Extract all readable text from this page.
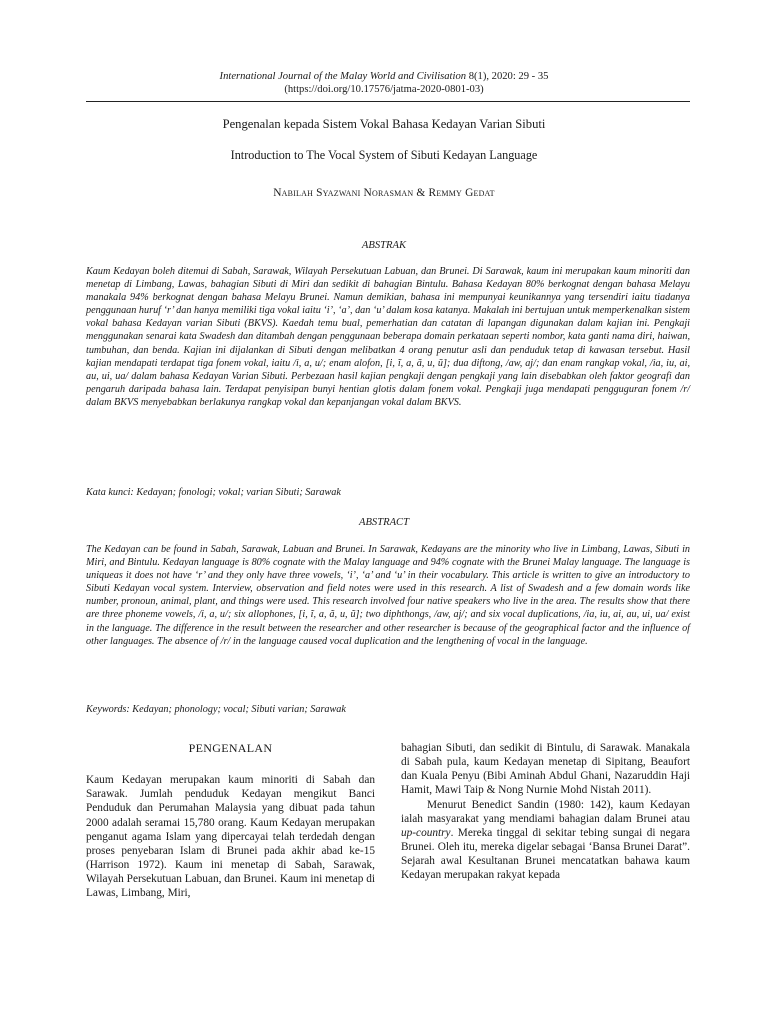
International Journal of the Malay World and Civilisation 8(1), 2020: 29 - 35
(https://doi.org/10.17576/jatma-2020-0801-03)
Pengenalan kepada Sistem Vokal Bahasa Kedayan Varian Sibuti
Introduction to The Vocal System of Sibuti Kedayan Language
Nabilah Syazwani Norasman & Remmy Gedat
ABSTRAK

Kaum Kedayan boleh ditemui di Sabah, Sarawak, Wilayah Persekutuan Labuan, dan Brunei. Di Sarawak, kaum ini merupakan kaum minoriti dan menetap di Limbang, Lawas, bahagian Sibuti di Miri dan sedikit di bahagian Bintulu. Bahasa Kedayan 80% berkognat dengan bahasa Melayu manakala 94% berkognat dengan bahasa Melayu Brunei. Namun demikian, bahasa ini mempunyai keunikannya yang tersendiri iaitu tiadanya penggunaan huruf ‘r’ dan hanya memiliki tiga vokal iaitu ‘i’, ‘a’, dan ‘u’ dalam kosa katanya. Makalah ini bertujuan untuk memperkenalkan sistem vokal bahasa Kedayan varian Sibuti (BKVS). Kaedah temu bual, pemerhatian dan catatan di lapangan digunakan dalam kajian ini. Pengkaji menggunakan senarai kata Swadesh dan ditambah dengan penggunaan beberapa domain perkataan seperti nombor, kata ganti nama diri, haiwan, tumbuhan, dan benda. Kajian ini dijalankan di Sibuti dengan melibatkan 4 orang penutur asli dan penduduk tetap di kawasan tersebut. Hasil kajian mendapati terdapat tiga fonem vokal, iaitu /i, a, u/; enam alofon, [i, ĩ, a, ã, u, ũ]; dua diftong, /aw, aj/; dan enam rangkap vokal, /ia, iu, ai, au, ui, ua/ dalam bahasa Kedayan Varian Sibuti. Perbezaan hasil kajian pengkaji dengan pengkaji yang lain disebabkan oleh faktor geografi dan pengaruh daripada bahasa lain. Terdapat penyisipan bunyi hentian glotis dalam fonem vokal. Pengkaji juga mendapati pengguguran fonem /r/ dalam BKVS menyebabkan berlakunya rangkap vokal dan kepanjangan vokal dalam BKVS.

Kata kunci: Kedayan; fonologi; vokal; varian Sibuti; Sarawak

ABSTRACT

The Kedayan can be found in Sabah, Sarawak, Labuan and Brunei. In Sarawak, Kedayans are the minority who live in Limbang, Lawas, Sibuti in Miri, and Bintulu. Kedayan language is 80% cognate with the Malay language and 94% cognate with the Brunei Malay language. The language is uniqueas it does not have ‘r’ and they only have three vowels, ‘i’, ‘a’ and ‘u’ in their vocabulary. This article is written to give an introductory to Sibuti Kedayan vocal system. Interview, observation and field notes were used in this research. A list of Swadesh and a few domain words like number, pronoun, animal, plant, and things were used. This research involved four native speakers who live in the area. The results show that there are three phoneme vowels, /i, a, u/; six allophones, [i, ĩ, a, ã, u, ũ]; two diphthongs, /aw, aj/; and six vocal duplications, /ia, iu, ai, au, ui, ua/ exist in the language. The difference in the result between the researcher and other researcher is because of the geographical factor and the influence of other languages. The absence of /r/ in the language caused vocal duplication and the lengthening of vocal in the language.

Keywords: Kedayan; phonology; vocal; Sibuti varian; Sarawak

PENGENALAN

Kaum Kedayan merupakan kaum minoriti di Sabah dan Sarawak. Jumlah penduduk Kedayan mengikut Banci Penduduk dan Perumahan Malaysia yang dibuat pada tahun 2000 adalah seramai 15,780 orang. Kaum Kedayan merupakan penganut agama Islam yang dipercayai telah terdedah dengan proses penyebaran Islam di Brunei pada akhir abad ke-15 (Harrison 1972). Kaum ini menetap di Sabah, Sarawak, Wilayah Persekutuan Labuan, dan Brunei. Kaum ini menetap di Lawas, Limbang, Miri,

bahagian Sibuti, dan sedikit di Bintulu, di Sarawak. Manakala di Sabah pula, kaum Kedayan menetap di Sipitang, Beaufort dan Kuala Penyu (Bibi Aminah Abdul Ghani, Nazaruddin Haji Hamit, Mawi Taip & Nong Nurnie Mohd Nistah 2011).

Menurut Benedict Sandin (1980: 142), kaum Kedayan ialah masyarakat yang mendiami bahagian dalam Brunei atau up-country. Mereka tinggal di sekitar tebing sungai di negara Brunei. Oleh itu, mereka digelar sebagai ‘Bansa Brunei Darat”. Sejarah awal Kesultanan Brunei mencatatkan bahawa kaum Kedayan merupakan rakyat kepada
